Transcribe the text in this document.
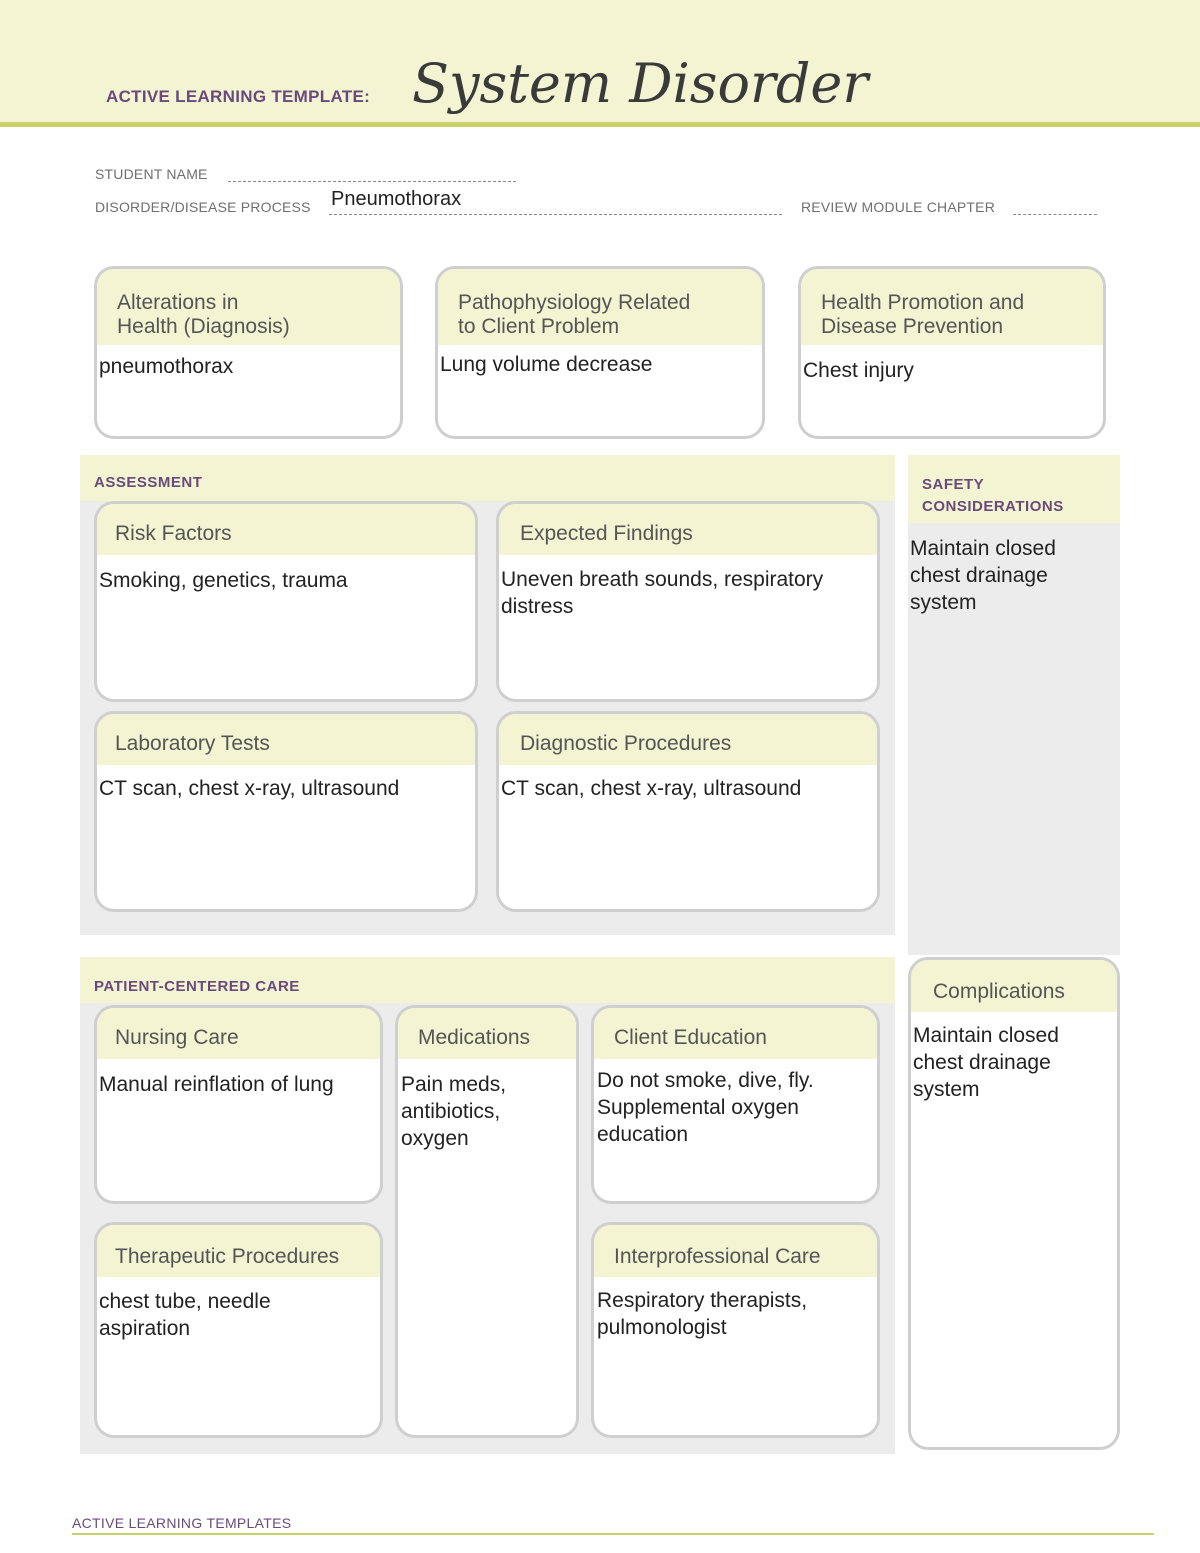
ACTIVE LEARNING TEMPLATE: System Disorder
STUDENT NAME
DISORDER/DISEASE PROCESS Pneumothorax	REVIEW MODULE CHAPTER
Alterations in
Health (Diagnosis)
pneumothorax
Pathophysiology Related
to Client Problem
Lung volume decrease
Health Promotion and
Disease Prevention
Chest injury
ASSESSMENT
Risk Factors
Smoking, genetics, trauma
Expected Findings
Uneven breath sounds, respiratory
distress
Laboratory Tests
CT scan, chest x-ray, ultrasound
Diagnostic Procedures
CT scan, chest x-ray, ultrasound
SAFETY
CONSIDERATIONS
Maintain closed
chest drainage
system
Complications
Maintain closed
chest drainage
system
PATIENT-CENTERED CARE
Nursing Care
Manual reinflation of lung
Medications
Pain meds,
antibiotics,
oxygen
Client Education
Do not smoke, dive, fly.
Supplemental oxygen
education
Therapeutic Procedures
chest tube, needle
aspiration
Interprofessional Care
Respiratory therapists,
pulmonologist
ACTIVE LEARNING TEMPLATES
